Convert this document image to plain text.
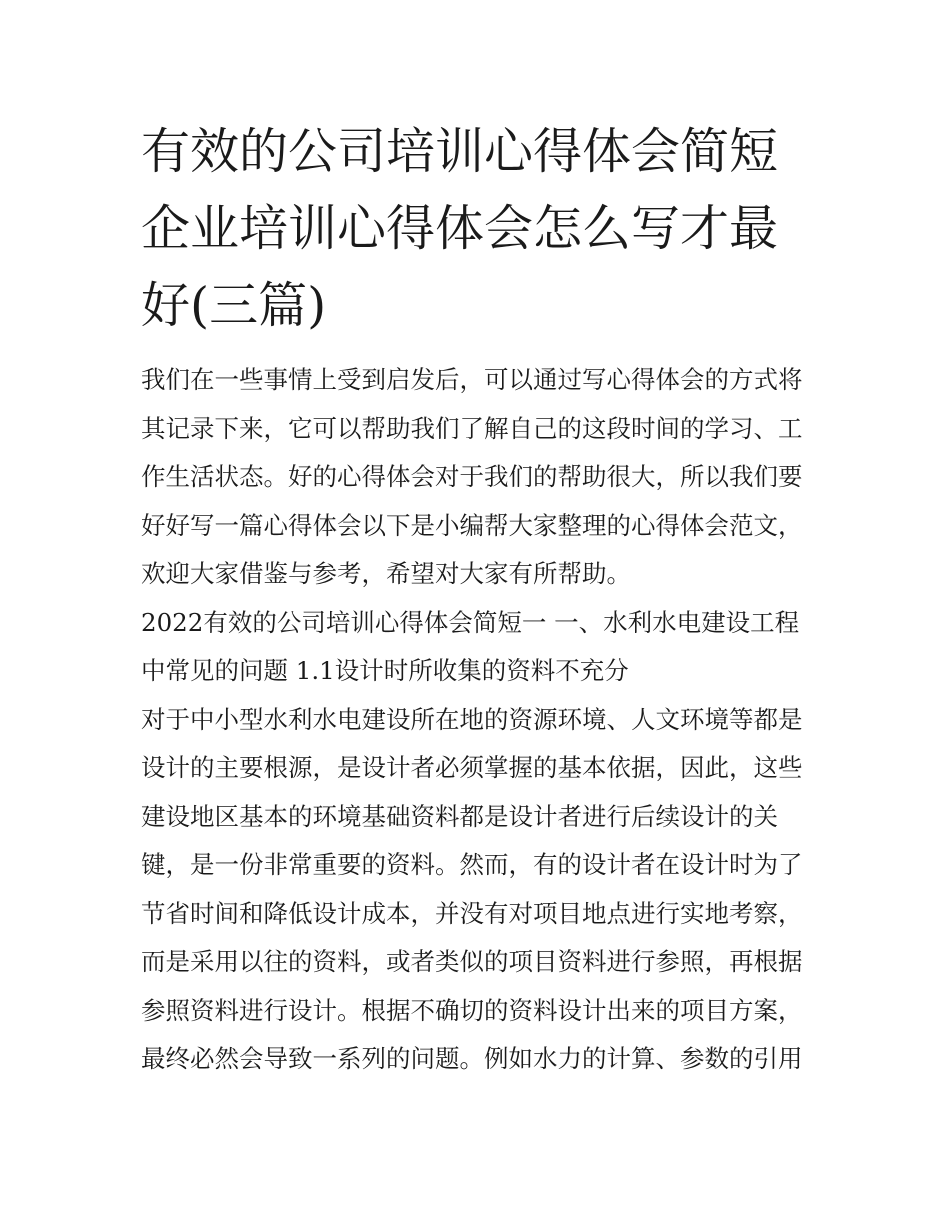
有效的公司培训心得体会简短企业培训心得体会怎么写才最好(三篇)

我们在一些事情上受到启发后，可以通过写心得体会的方式将其记录下来，它可以帮助我们了解自己的这段时间的学习、工作生活状态。好的心得体会对于我们的帮助很大，所以我们要好好写一篇心得体会以下是小编帮大家整理的心得体会范文，欢迎大家借鉴与参考，希望对大家有所帮助。

2022有效的公司培训心得体会简短一 一、水利水电建设工程中常见的问题 1.1设计时所收集的资料不充分

对于中小型水利水电建设所在地的资源环境、人文环境等都是设计的主要根源，是设计者必须掌握的基本依据，因此，这些建设地区基本的环境基础资料都是设计者进行后续设计的关键，是一份非常重要的资料。然而，有的设计者在设计时为了节省时间和降低设计成本，并没有对项目地点进行实地考察，而是采用以往的资料，或者类似的项目资料进行参照，再根据参照资料进行设计。根据不确切的资料设计出来的项目方案，最终必然会导致一系列的问题。例如水力的计算、参数的引用
